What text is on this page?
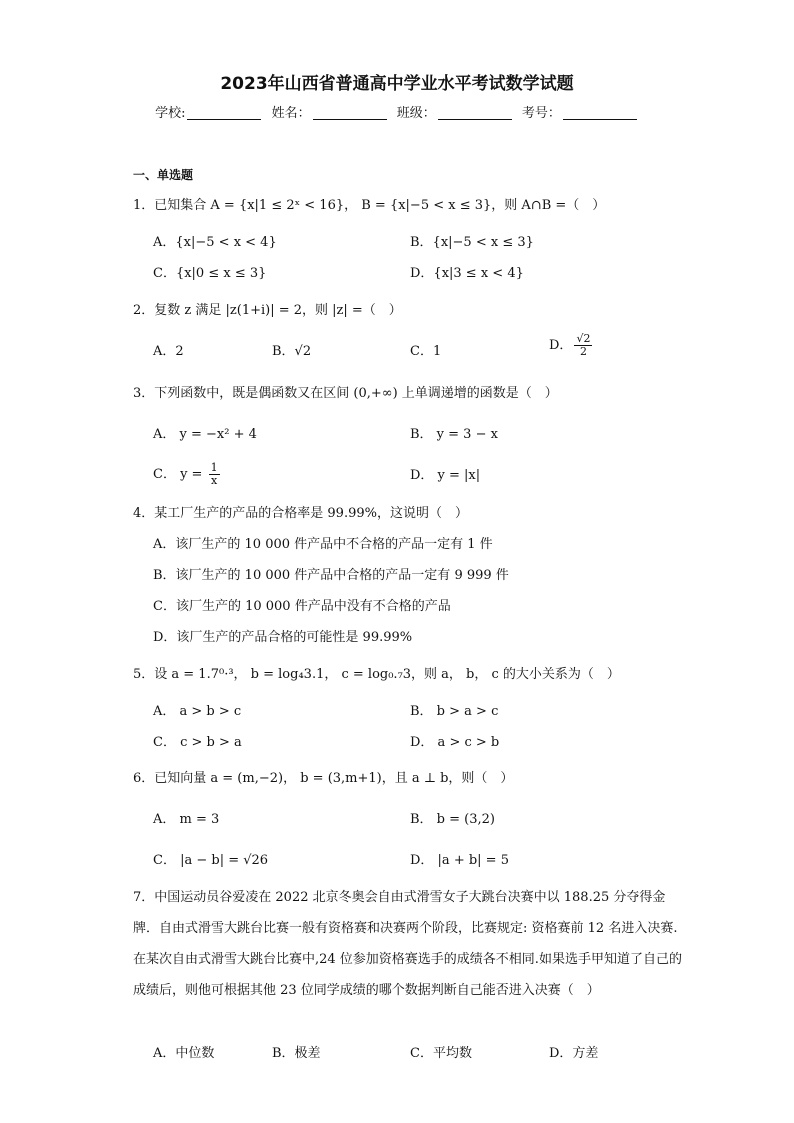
2023年山西省普通高中学业水平考试数学试题
学校:	姓名：	班级：	考号：
一、单选题
1．已知集合 A = {x|1 ≤ 2ˣ < 16}， B = {x|−5 < x ≤ 3}，则 A∩B =（　）
A．{x|−5 < x < 4}	B．{x|−5 < x ≤ 3}
C．{x|0 ≤ x ≤ 3}	D．{x|3 ≤ x < 4}
2．复数 z 满足 |z(1+i)| = 2，则 |z| =（　）
A．2	B．√2	C．1	D． $\frac{√2}{2}$
3．下列函数中，既是偶函数又在区间 (0,+∞) 上单调递增的函数是（　）
A． y = −x² + 4	B． y = 3 − x
C． $y = \frac{1}{x}$	D． y = |x|
4．某工厂生产的产品的合格率是 99.99%，这说明（　）
A．该厂生产的 10 000 件产品中不合格的产品一定有 1 件
B．该厂生产的 10 000 件产品中合格的产品一定有 9 999 件
C．该厂生产的 10 000 件产品中没有不合格的产品
D．该厂生产的产品合格的可能性是 99.99%
5．设 a = 1.7⁰·³， b = log₄3.1， c = log₀.₇3，则 a， b， c 的大小关系为（　）
A． a > b > c	B． b > a > c
C． c > b > a	D． a > c > b
6．已知向量 a = (m,−2)， b = (3,m+1)，且 a ⊥ b，则（　）
A． m = 3	B． b = (3,2)
C． |a − b| = √26	D． |a + b| = 5
7．中国运动员谷爱凌在 2022 北京冬奥会自由式滑雪女子大跳台决赛中以 188.25 分夺得金牌．自由式滑雪大跳台比赛一般有资格赛和决赛两个阶段，比赛规定: 资格赛前 12 名进入决赛.在某次自由式滑雪大跳台比赛中,24 位参加资格赛选手的成绩各不相同.如果选手甲知道了自己的成绩后，则他可根据其他 23 位同学成绩的哪个数据判断自己能否进入决赛（　）
A．中位数	B．极差	C．平均数	D．方差
